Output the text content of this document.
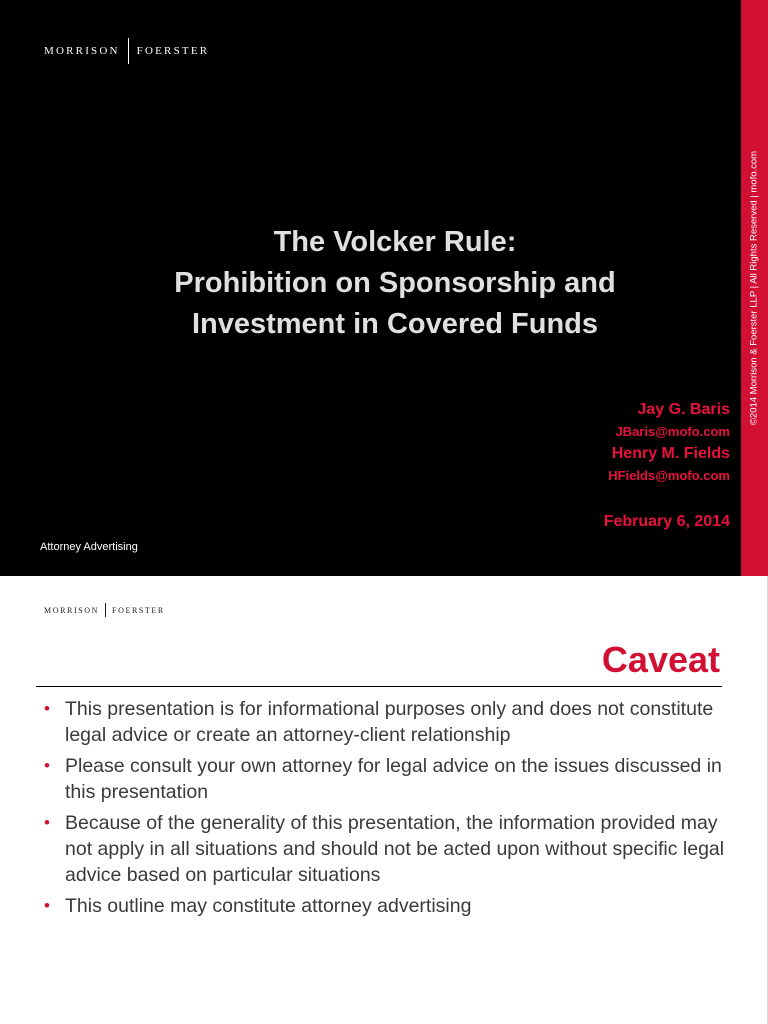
MORRISON FOERSTER
The Volcker Rule:
Prohibition on Sponsorship and
Investment in Covered Funds
Jay G. Baris
JBaris@mofo.com
Henry M. Fields
HFields@mofo.com
February 6, 2014
Attorney Advertising
©2014 Morrison & Foerster LLP | All Rights Reserved | mofo.com
MORRISON FOERSTER
Caveat
• This presentation is for informational purposes only and does not constitute legal advice or create an attorney-client relationship
• Please consult your own attorney for legal advice on the issues discussed in this presentation
• Because of the generality of this presentation, the information provided may not apply in all situations and should not be acted upon without specific legal advice based on particular situations
• This outline may constitute attorney advertising
